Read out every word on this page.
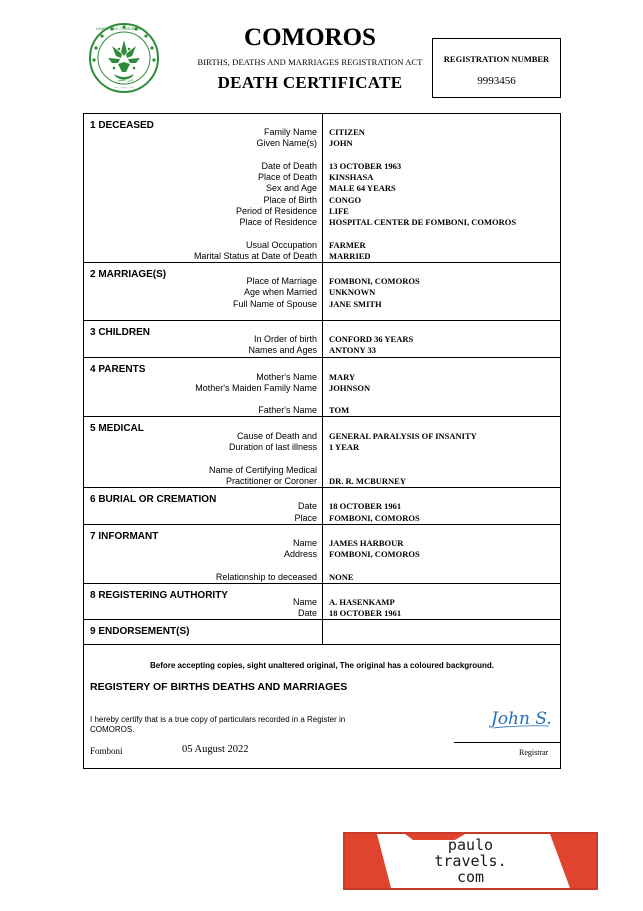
— · — · —
UNION DES COMORES
جزر القمر
COMOROS
BIRTHS, DEATHS AND MARRIAGES REGISTRATION ACT
DEATH CERTIFICATE
REGISTRATION NUMBER
9993456
1 DECEASED
Family Name CITIZEN
Given Name(s) JOHN
Date of Death 13 OCTOBER 1963
Place of Death KINSHASA
Sex and Age MALE 64 YEARS
Place of Birth CONGO
Period of Residence LIFE
Place of Residence HOSPITAL CENTER DE FOMBONI, COMOROS
Usual Occupation FARMER
Marital Status at Date of Death MARRIED
2 MARRIAGE(S)
Place of Marriage FOMBONI, COMOROS
Age when Married UNKNOWN
Full Name of Spouse JANE SMITH
3 CHILDREN
In Order of birth CONFORD 36 YEARS
Names and Ages ANTONY 33
4 PARENTS
Mother's Name MARY
Mother's Maiden Family Name JOHNSON
Father's Name TOM
5 MEDICAL
Cause of Death and GENERAL PARALYSIS OF INSANITY
Duration of last illness 1 YEAR
Name of Certifying Medical
Practitioner or Coroner DR. R. MCBURNEY
6 BURIAL OR CREMATION
Date 18 OCTOBER 1961
Place FOMBONI, COMOROS
7 INFORMANT
Name JAMES HARBOUR
Address FOMBONI, COMOROS
Relationship to deceased NONE
8 REGISTERING AUTHORITY
Name A. HASENKAMP
Date 18 OCTOBER 1961
9 ENDORSEMENT(S)
Before accepting copies, sight unaltered original, The original has a coloured background.
REGISTERY OF BIRTHS DEATHS AND MARRIAGES
I hereby certify that is a true copy of particulars recorded in a Register in COMOROS.
John S.
Fomboni	05 August 2022	Registrar
paulo
travels.
com
